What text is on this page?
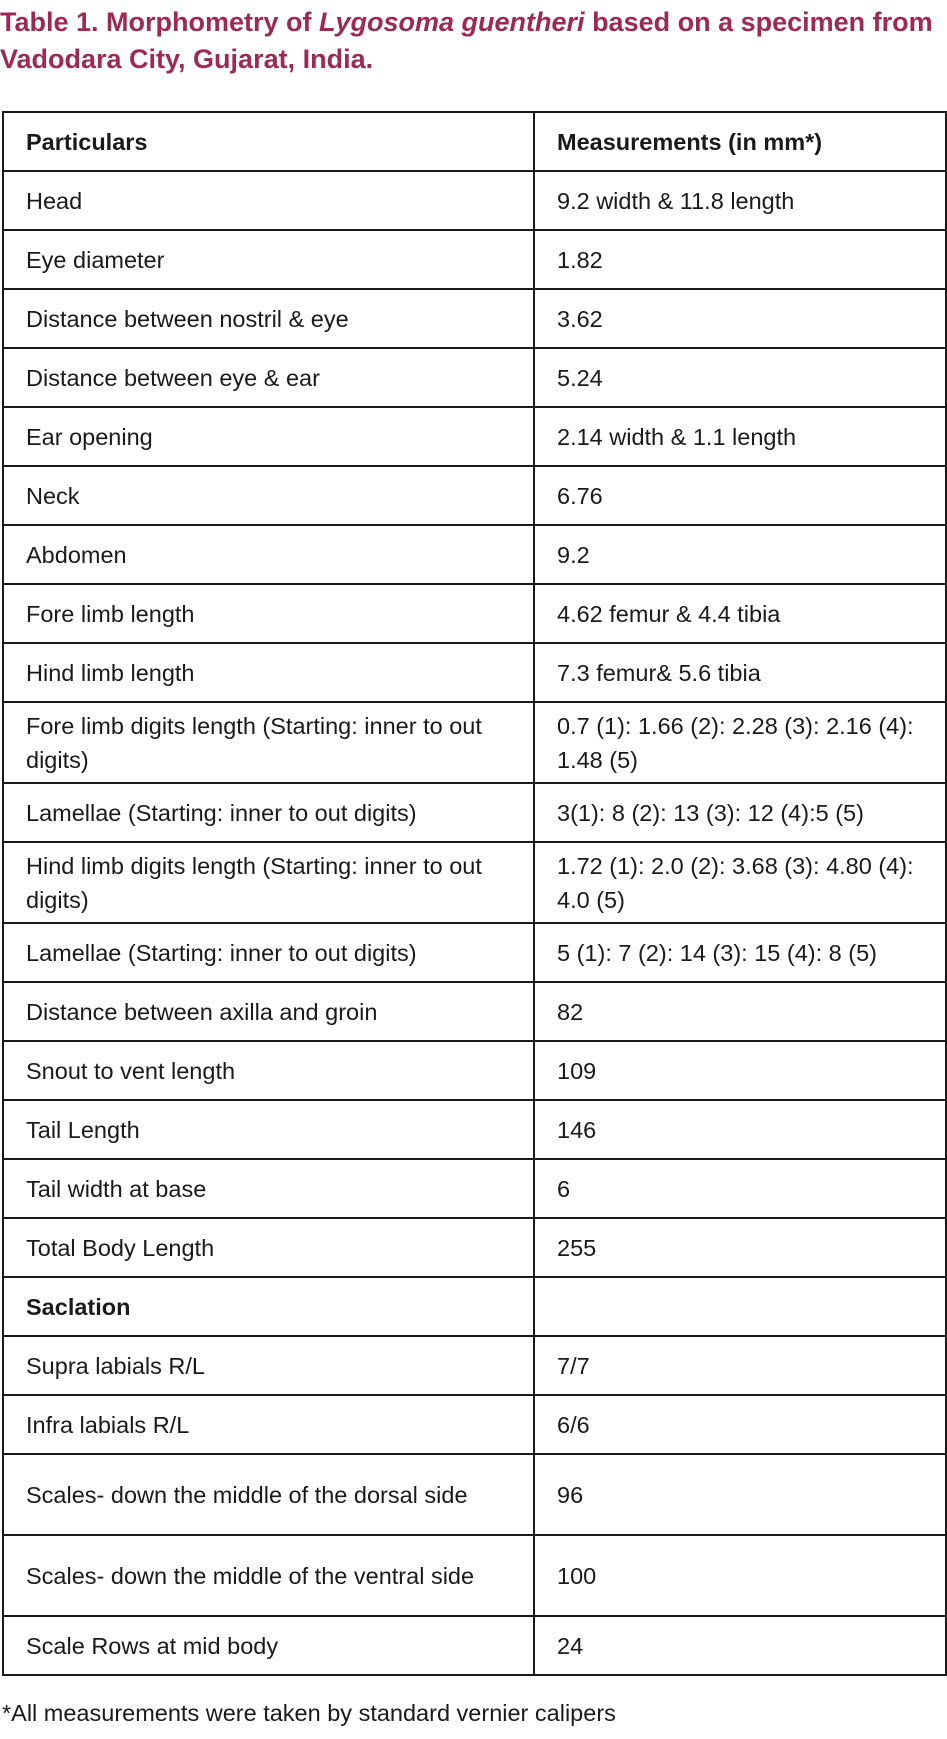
Table 1. Morphometry of Lygosoma guentheri based on a specimen from Vadodara City, Gujarat, India.
Particulars	Measurements (in mm*)
Head	9.2 width & 11.8 length
Eye diameter	1.82
Distance between nostril & eye	3.62
Distance between eye & ear	5.24
Ear opening	2.14 width & 1.1 length
Neck	6.76
Abdomen	9.2
Fore limb length	4.62 femur & 4.4 tibia
Hind limb length	7.3 femur& 5.6 tibia
Fore limb digits length (Starting: inner to out digits)	0.7 (1): 1.66 (2): 2.28 (3): 2.16 (4): 1.48 (5)
Lamellae (Starting: inner to out digits)	3(1): 8 (2): 13 (3): 12 (4):5 (5)
Hind limb digits length (Starting: inner to out digits)	1.72 (1): 2.0 (2): 3.68 (3): 4.80 (4): 4.0 (5)
Lamellae (Starting: inner to out digits)	5 (1): 7 (2): 14 (3): 15 (4): 8 (5)
Distance between axilla and groin	82
Snout to vent length	109
Tail Length	146
Tail width at base	6
Total Body Length	255
Saclation	
Supra labials R/L	7/7
Infra labials R/L	6/6
Scales- down the middle of the dorsal side	96
Scales- down the middle of the ventral side	100
Scale Rows at mid body	24
*All measurements were taken by standard vernier calipers
